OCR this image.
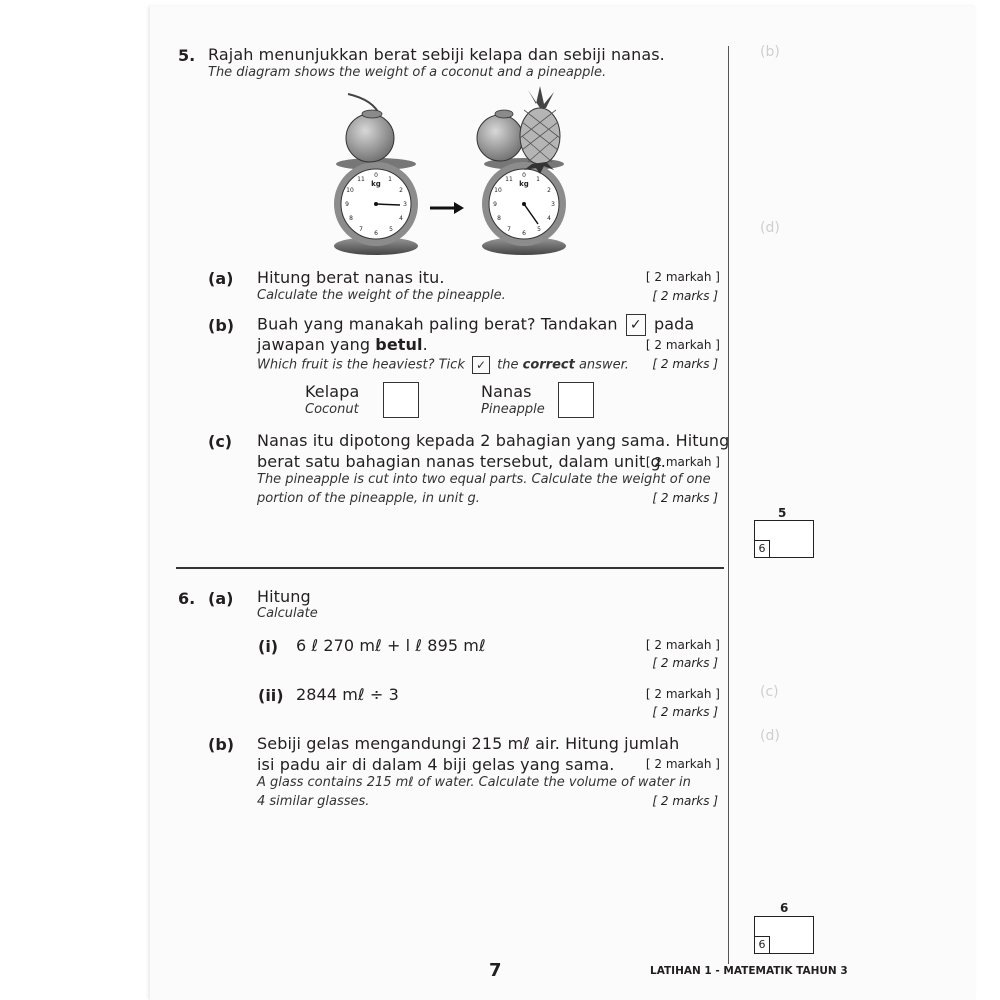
(b)
(d)
(c)
(d)
5. Rajah menunjukkan berat sebiji kelapa dan sebiji nanas.
The diagram shows the weight of a coconut and a pineapple.
0
1
2
3
4
5
6
7
8
9
10
11
kg
0
1
2
3
4
5
6
7
8
9
10
11
kg
(a) Hitung berat nanas itu.
Calculate the weight of the pineapple.
[ 2 markah ]
[ 2 marks ]
(b) Buah yang manakah paling berat? Tandakan ✓ pada
jawapan yang betul.	[ 2 markah ]
Which fruit is the heaviest? Tick ✓ the correct answer.	[ 2 marks ]
Kelapa
Coconut
Nanas
Pineapple
(c) Nanas itu dipotong kepada 2 bahagian yang sama. Hitung
berat satu bahagian nanas tersebut, dalam unit g.
[ 2 markah ]
The pineapple is cut into two equal parts. Calculate the weight of one
portion of the pineapple, in unit g.	[ 2 marks ]
5
6
6. (a) Hitung
Calculate
(i) 6 ℓ 270 mℓ + l ℓ 895 mℓ	[ 2 markah ]
[ 2 marks ]
(ii) 2844 mℓ ÷ 3	[ 2 markah ]
[ 2 marks ]
(b) Sebiji gelas mengandungi 215 mℓ air. Hitung jumlah
isi padu air di dalam 4 biji gelas yang sama.	[ 2 markah ]
A glass contains 215 mℓ of water. Calculate the volume of water in
4 similar glasses.	[ 2 marks ]
6
6
7	LATIHAN 1 - MATEMATIK TAHUN 3
